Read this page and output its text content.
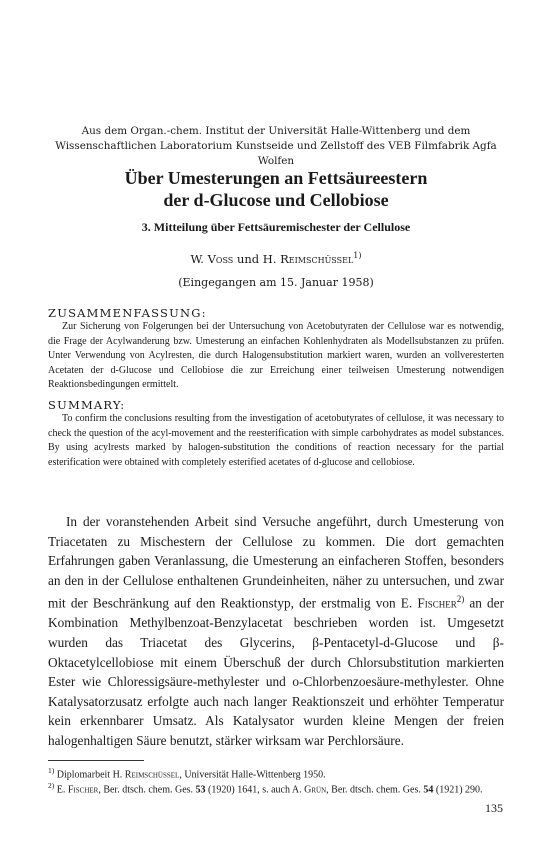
Aus dem Organ.-chem. Institut der Universität Halle-Wittenberg und dem Wissenschaftlichen Laboratorium Kunstseide und Zellstoff des VEB Filmfabrik Agfa Wolfen
Über Umesterungen an Fettsäureestern
der d-Glucose und Cellobiose
3. Mitteilung über Fettsäuremischester der Cellulose
W. Voss und H. Reimschüssel$^{1)}$
(Eingegangen am 15. Januar 1958)
ZUSAMMENFASSUNG:
Zur Sicherung von Folgerungen bei der Untersuchung von Acetobutyraten der Cellulose war es notwendig, die Frage der Acylwanderung bzw. Umesterung an einfachen Kohlenhydraten als Modellsubstanzen zu prüfen. Unter Verwendung von Acylresten, die durch Halogensubstitution markiert waren, wurden an vollveresterten Acetaten der d-Glucose und Cellobiose die zur Erreichung einer teilweisen Umesterung notwendigen Reaktionsbedingungen ermittelt.
SUMMARY:
To confirm the conclusions resulting from the investigation of acetobutyrates of cellulose, it was necessary to check the question of the acyl-movement and the reesterification with simple carbohydrates as model substances. By using acylrests marked by halogen-substitution the conditions of reaction necessary for the partial esterification were obtained with completely esterified acetates of d-glucose and cellobiose.
In der voranstehenden Arbeit sind Versuche angeführt, durch Umesterung von Triacetaten zu Mischestern der Cellulose zu kommen. Die dort gemachten Erfahrungen gaben Veranlassung, die Umesterung an einfacheren Stoffen, besonders an den in der Cellulose enthaltenen Grundeinheiten, näher zu untersuchen, und zwar mit der Beschränkung auf den Reaktionstyp, der erstmalig von E. Fischer$^{2)}$ an der Kombination Methylbenzoat-Benzylacetat beschrieben worden ist. Umgesetzt wurden das Triacetat des Glycerins, β-Pentacetyl-d-Glucose und β-Oktacetylcellobiose mit einem Überschuß der durch Chlorsubstitution markierten Ester wie Chloressigsäure-methylester und o-Chlorbenzoesäure-methylester. Ohne Katalysatorzusatz erfolgte auch nach langer Reaktionszeit und erhöhter Temperatur kein erkennbarer Umsatz. Als Katalysator wurden kleine Mengen der freien halogenhaltigen Säure benutzt, stärker wirksam war Perchlorsäure.
$^{1)}$ Diplomarbeit H. Reimschüssel, Universität Halle-Wittenberg 1950.
$^{2)}$ E. Fischer, Ber. dtsch. chem. Ges. 53 (1920) 1641, s. auch A. Grün, Ber. dtsch. chem. Ges. 54 (1921) 290.
135
